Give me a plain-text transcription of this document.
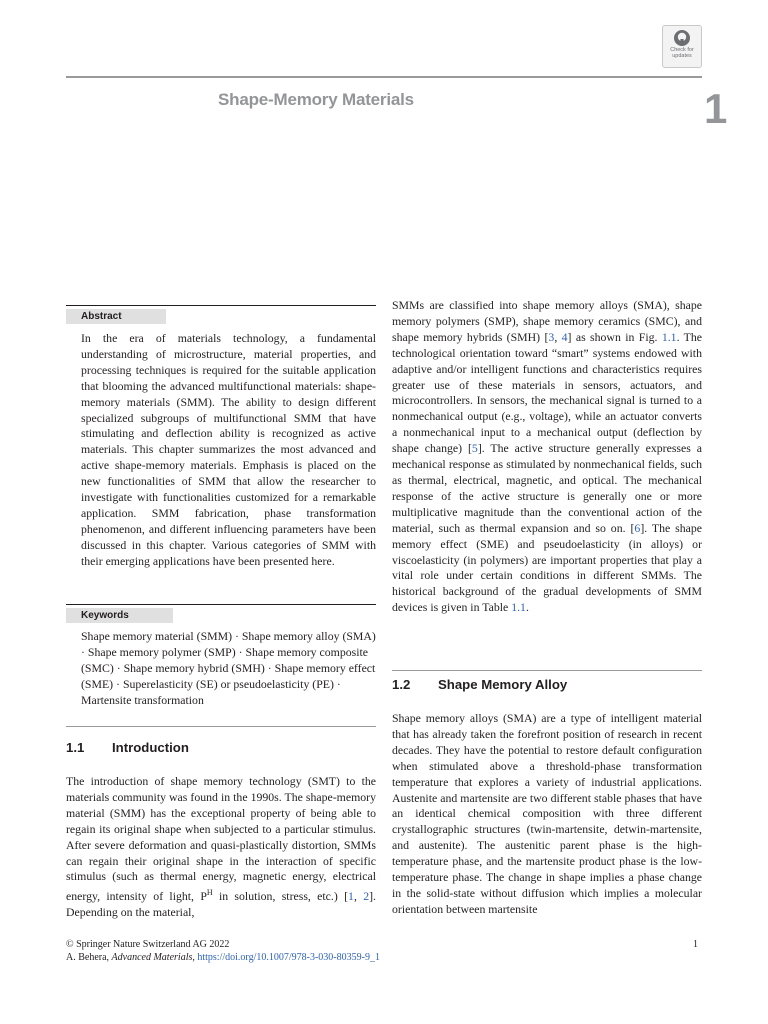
Check for updates
Shape-Memory Materials	1
Abstract

In the era of materials technology, a fundamental understanding of microstructure, material properties, and processing techniques is required for the suitable application that blooming the advanced multifunctional materials: shape-memory materials (SMM). The ability to design different specialized subgroups of multifunctional SMM that have stimulating and deflection ability is recognized as active materials. This chapter summarizes the most advanced and active shape-memory materials. Emphasis is placed on the new functionalities of SMM that allow the researcher to investigate with functionalities customized for a remarkable application. SMM fabrication, phase transformation phenomenon, and different influencing parameters have been discussed in this chapter. Various categories of SMM with their emerging applications have been presented here.

Keywords

Shape memory material (SMM) · Shape memory alloy (SMA) · Shape memory polymer (SMP) · Shape memory composite (SMC) · Shape memory hybrid (SMH) · Shape memory effect (SME) · Superelasticity (SE) or pseudoelasticity (PE) · Martensite transformation

1.1 Introduction

The introduction of shape memory technology (SMT) to the materials community was found in the 1990s. The shape-memory material (SMM) has the exceptional property of being able to regain its original shape when subjected to a particular stimulus. After severe deformation and quasi-plastically distortion, SMMs can regain their original shape in the interaction of specific stimulus (such as thermal energy, magnetic energy, electrical energy, intensity of light, $P^H$ in solution, stress, etc.) [1, 2]. Depending on the material,

SMMs are classified into shape memory alloys (SMA), shape memory polymers (SMP), shape memory ceramics (SMC), and shape memory hybrids (SMH) [3, 4] as shown in Fig. 1.1. The technological orientation toward “smart” systems endowed with adaptive and/or intelligent functions and characteristics requires greater use of these materials in sensors, actuators, and microcontrollers. In sensors, the mechanical signal is turned to a nonmechanical output (e.g., voltage), while an actuator converts a nonmechanical input to a mechanical output (deflection by shape change) [5]. The active structure generally expresses a mechanical response as stimulated by nonmechanical fields, such as thermal, electrical, magnetic, and optical. The mechanical response of the active structure is generally one or more multiplicative magnitude than the conventional action of the material, such as thermal expansion and so on. [6]. The shape memory effect (SME) and pseudoelasticity (in alloys) or viscoelasticity (in polymers) are important properties that play a vital role under certain conditions in different SMMs. The historical background of the gradual developments of SMM devices is given in Table 1.1.

1.2 Shape Memory Alloy

Shape memory alloys (SMA) are a type of intelligent material that has already taken the forefront position of research in recent decades. They have the potential to restore default configuration when stimulated above a threshold-phase transformation temperature that explores a variety of industrial applications. Austenite and martensite are two different stable phases that have an identical chemical composition with three different crystallographic structures (twin-martensite, detwin-martensite, and austenite). The austenitic parent phase is the high-temperature phase, and the martensite product phase is the low-temperature phase. The change in shape implies a phase change in the solid-state without diffusion which implies a molecular orientation between martensite

© Springer Nature Switzerland AG 2022
A. Behera, Advanced Materials, https://doi.org/10.1007/978-3-030-80359-9_1
1
